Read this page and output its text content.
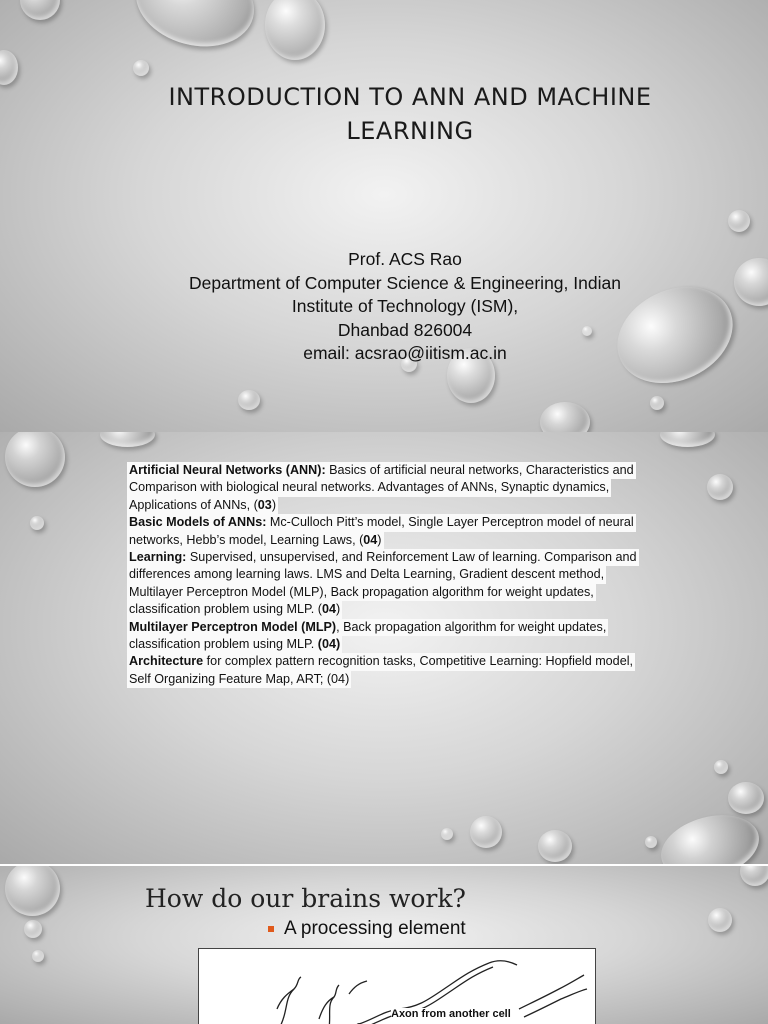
INTRODUCTION TO ANN AND MACHINE LEARNING
Prof. ACS Rao
Department of Computer Science & Engineering, Indian
Institute of Technology (ISM),
Dhanbad 826004
email: acsrao@iitism.ac.in
Artificial Neural Networks (ANN): Basics of artificial neural networks, Characteristics and
Comparison with biological neural networks. Advantages of ANNs, Synaptic dynamics,
Applications of ANNs, (03)
Basic Models of ANNs: Mc-Culloch Pitt’s model, Single Layer Perceptron model of neural
networks, Hebb’s model, Learning Laws, (04)
Learning: Supervised, unsupervised, and Reinforcement Law of learning. Comparison and
differences among learning laws. LMS and Delta Learning, Gradient descent method,
Multilayer Perceptron Model (MLP), Back propagation algorithm for weight updates,
classification problem using MLP. (04)
Multilayer Perceptron Model (MLP), Back propagation algorithm for weight updates,
classification problem using MLP. (04)
Architecture for complex pattern recognition tasks, Competitive Learning: Hopfield model,
Self Organizing Feature Map, ART; (04)
How do our brains work?
A processing element
Axon from another cell
